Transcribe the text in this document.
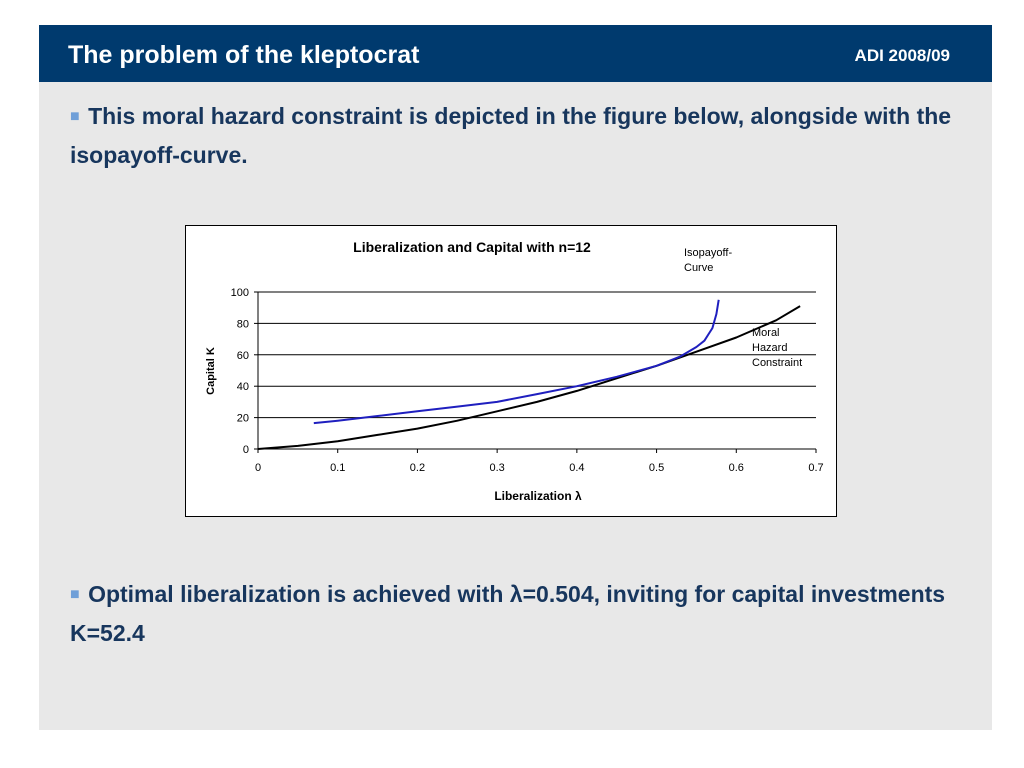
The problem of the kleptocrat	ADI 2008/09
■ This moral hazard constraint is depicted in the figure below, alongside with the isopayoff-curve.
Liberalization and Capital with n=12
Capital K
Liberalization λ
0
20
40
60
80
100
0	0.1	0.2	0.3	0.4	0.5	0.6	0.7
Isopayoff-
Curve
Moral
Hazard
Constraint
■ Optimal liberalization is achieved with λ=0.504, inviting for capital investments K=52.4
